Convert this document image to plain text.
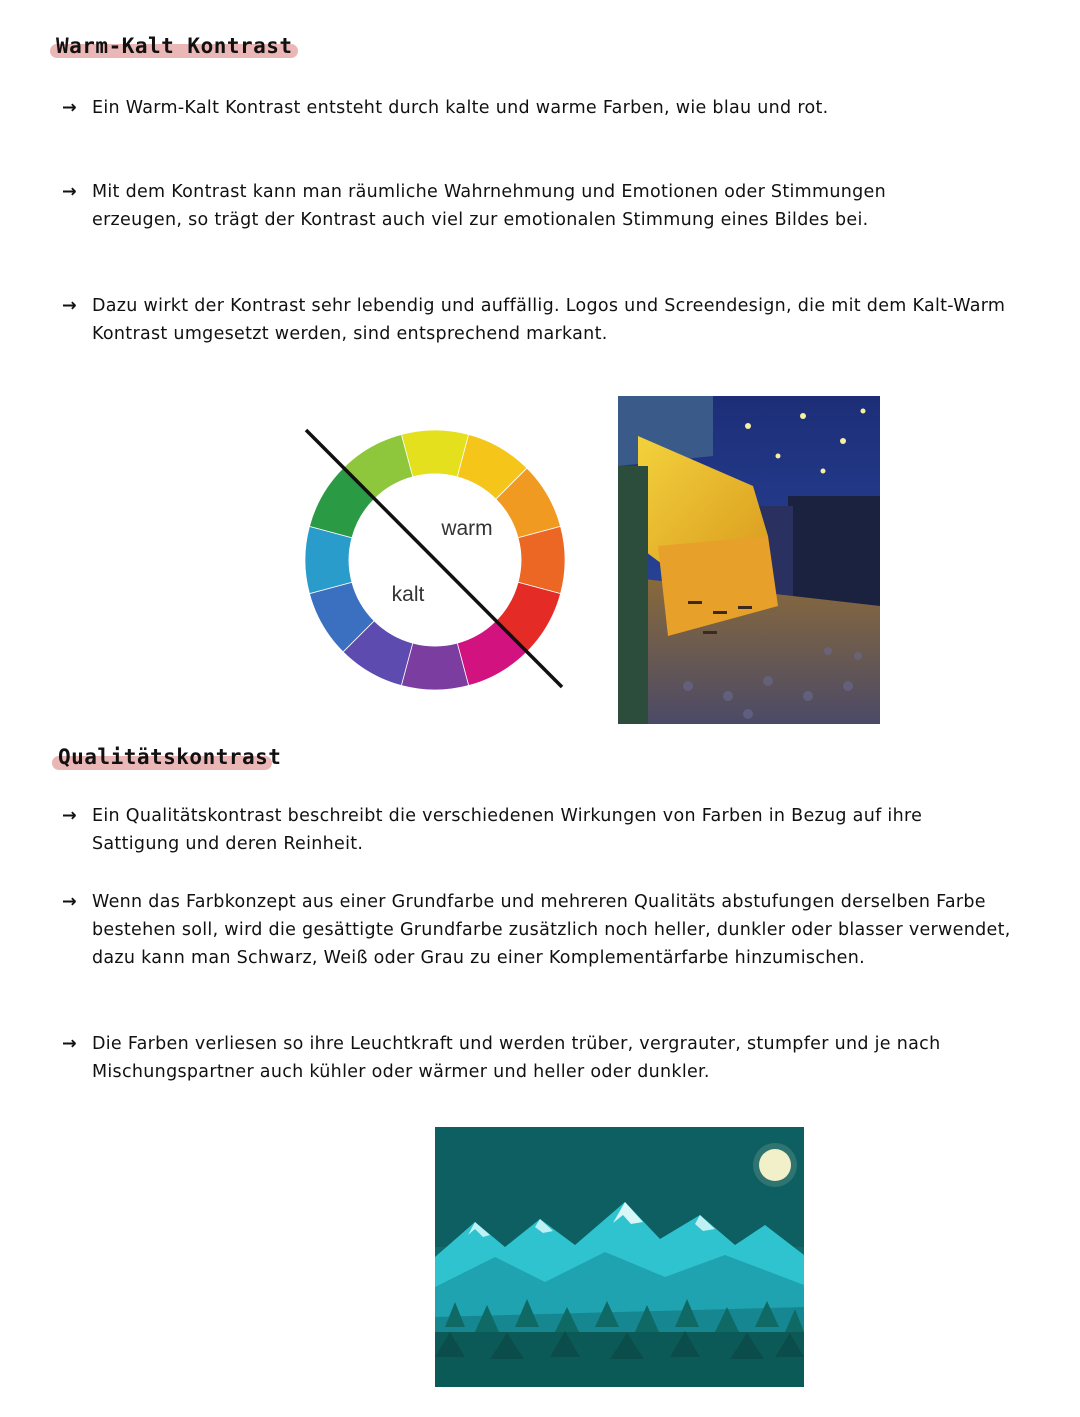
Warm-Kalt Kontrast
→ Ein Warm-Kalt Kontrast entsteht durch kalte und warme Farben, wie blau und rot.
→ Mit dem Kontrast kann man räumliche Wahrnehmung und Emotionen oder Stimmungen erzeugen, so trägt der Kontrast auch viel zur emotionalen Stimmung eines Bildes bei.
→ Dazu wirkt der Kontrast sehr lebendig und auffällig. Logos und Screendesign, die mit dem Kalt-Warm Kontrast umgesetzt werden, sind entsprechend markant.
warm
kalt
Qualitätskontrast
→ Ein Qualitätskontrast beschreibt die verschiedenen Wirkungen von Farben in Bezug auf ihre Sattigung und deren Reinheit.
→ Wenn das Farbkonzept aus einer Grundfarbe und mehreren Qualitäts abstufungen derselben Farbe bestehen soll, wird die gesättigte Grundfarbe zusätzlich noch heller, dunkler oder blasser verwendet, dazu kann man Schwarz, Weiß oder Grau zu einer Komplementärfarbe hinzumischen.
→ Die Farben verliesen so ihre Leuchtkraft und werden trüber, vergrauter, stumpfer und je nach Mischungspartner auch kühler oder wärmer und heller oder dunkler.
